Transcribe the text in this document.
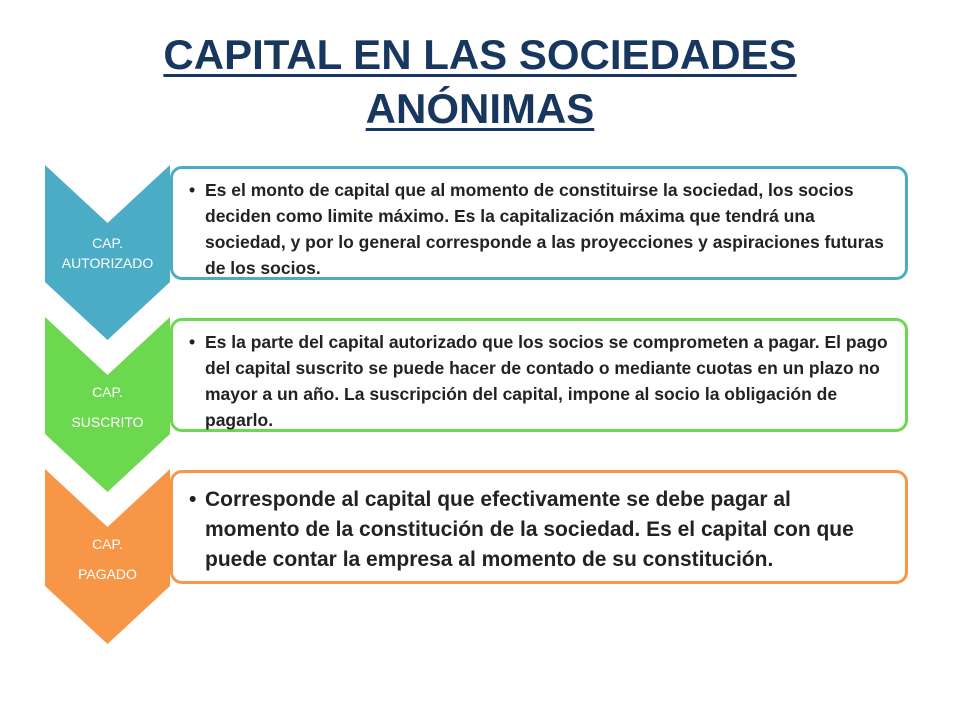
CAPITAL EN LAS SOCIEDADES
ANÓNIMAS
• Es el monto de capital que al momento de constituirse la sociedad, los socios deciden como limite máximo. Es la capitalización máxima que tendrá una sociedad, y por lo general corresponde a las proyecciones y aspiraciones futuras de los socios.
CAP.
AUTORIZADO
• Es la parte del capital autorizado que los socios se comprometen a pagar. El pago del capital suscrito se puede hacer de contado o mediante cuotas en un plazo no mayor a un año. La suscripción del capital, impone al socio la obligación de pagarlo.
CAP.
SUSCRITO
• Corresponde al capital que efectivamente se debe pagar al momento de la constitución de la sociedad. Es el capital con que puede contar la empresa al momento de su constitución.
CAP.
PAGADO
